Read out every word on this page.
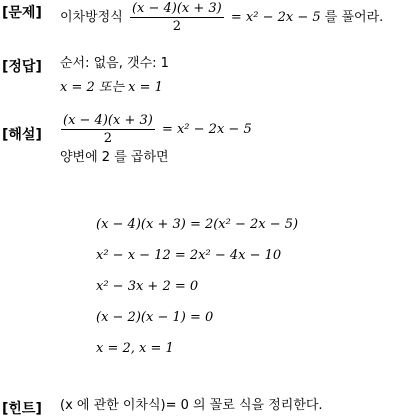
[문제] 이차방정식 $\frac{(x - 4)(x + 3)}{2} = x^2 - 2x - 5$ 를 풀어라.
[정답] 순서: 없음, 갯수: 1
x = 2 또는 x = 1
[해설] $\frac{(x - 4)(x + 3)}{2} = x^2 - 2x - 5$
양변에 2 를 곱하면
(x − 4)(x + 3) = 2(x² − 2x − 5)
x² − x − 12 = 2x² − 4x − 10
x² − 3x + 2 = 0
(x − 2)(x − 1) = 0
x = 2, x = 1
[힌트] (x 에 관한 이차식)= 0 의 꼴로 식을 정리한다.
